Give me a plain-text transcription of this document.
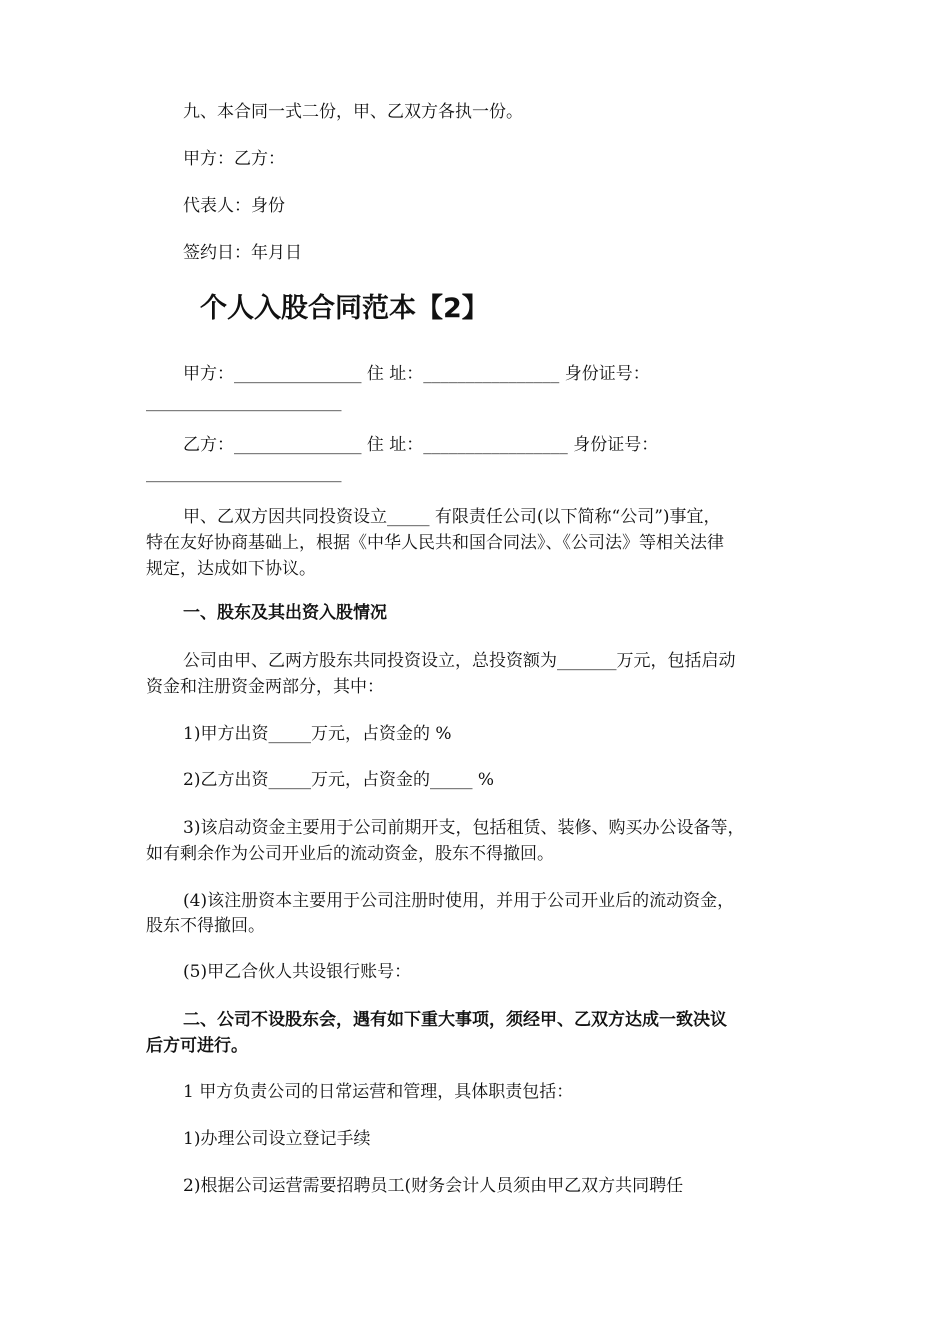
九、本合同一式二份，甲、乙双方各执一份。
甲方：乙方：
代表人：身份
签约日：年月日
个人入股合同范本【2】
甲方：_______________ 住 址：________________ 身份证号：
_______________________
乙方：_______________ 住 址：_________________ 身份证号：
_______________________
甲、乙双方因共同投资设立_____ 有限责任公司(以下简称“公司”)事宜，
特在友好协商基础上，根据《中华人民共和国合同法》、《公司法》等相关法律
规定，达成如下协议。
一、股东及其出资入股情况
公司由甲、乙两方股东共同投资设立，总投资额为_______万元，包括启动
资金和注册资金两部分，其中：
1)甲方出资_____万元，占资金的 %
2)乙方出资_____万元，占资金的_____ %
3)该启动资金主要用于公司前期开支，包括租赁、装修、购买办公设备等，
如有剩余作为公司开业后的流动资金，股东不得撤回。
(4)该注册资本主要用于公司注册时使用，并用于公司开业后的流动资金，
股东不得撤回。
(5)甲乙合伙人共设银行账号：
二、公司不设股东会，遇有如下重大事项，须经甲、乙双方达成一致决议
后方可进行。
1 甲方负责公司的日常运营和管理，具体职责包括：
1)办理公司设立登记手续
2)根据公司运营需要招聘员工(财务会计人员须由甲乙双方共同聘任
